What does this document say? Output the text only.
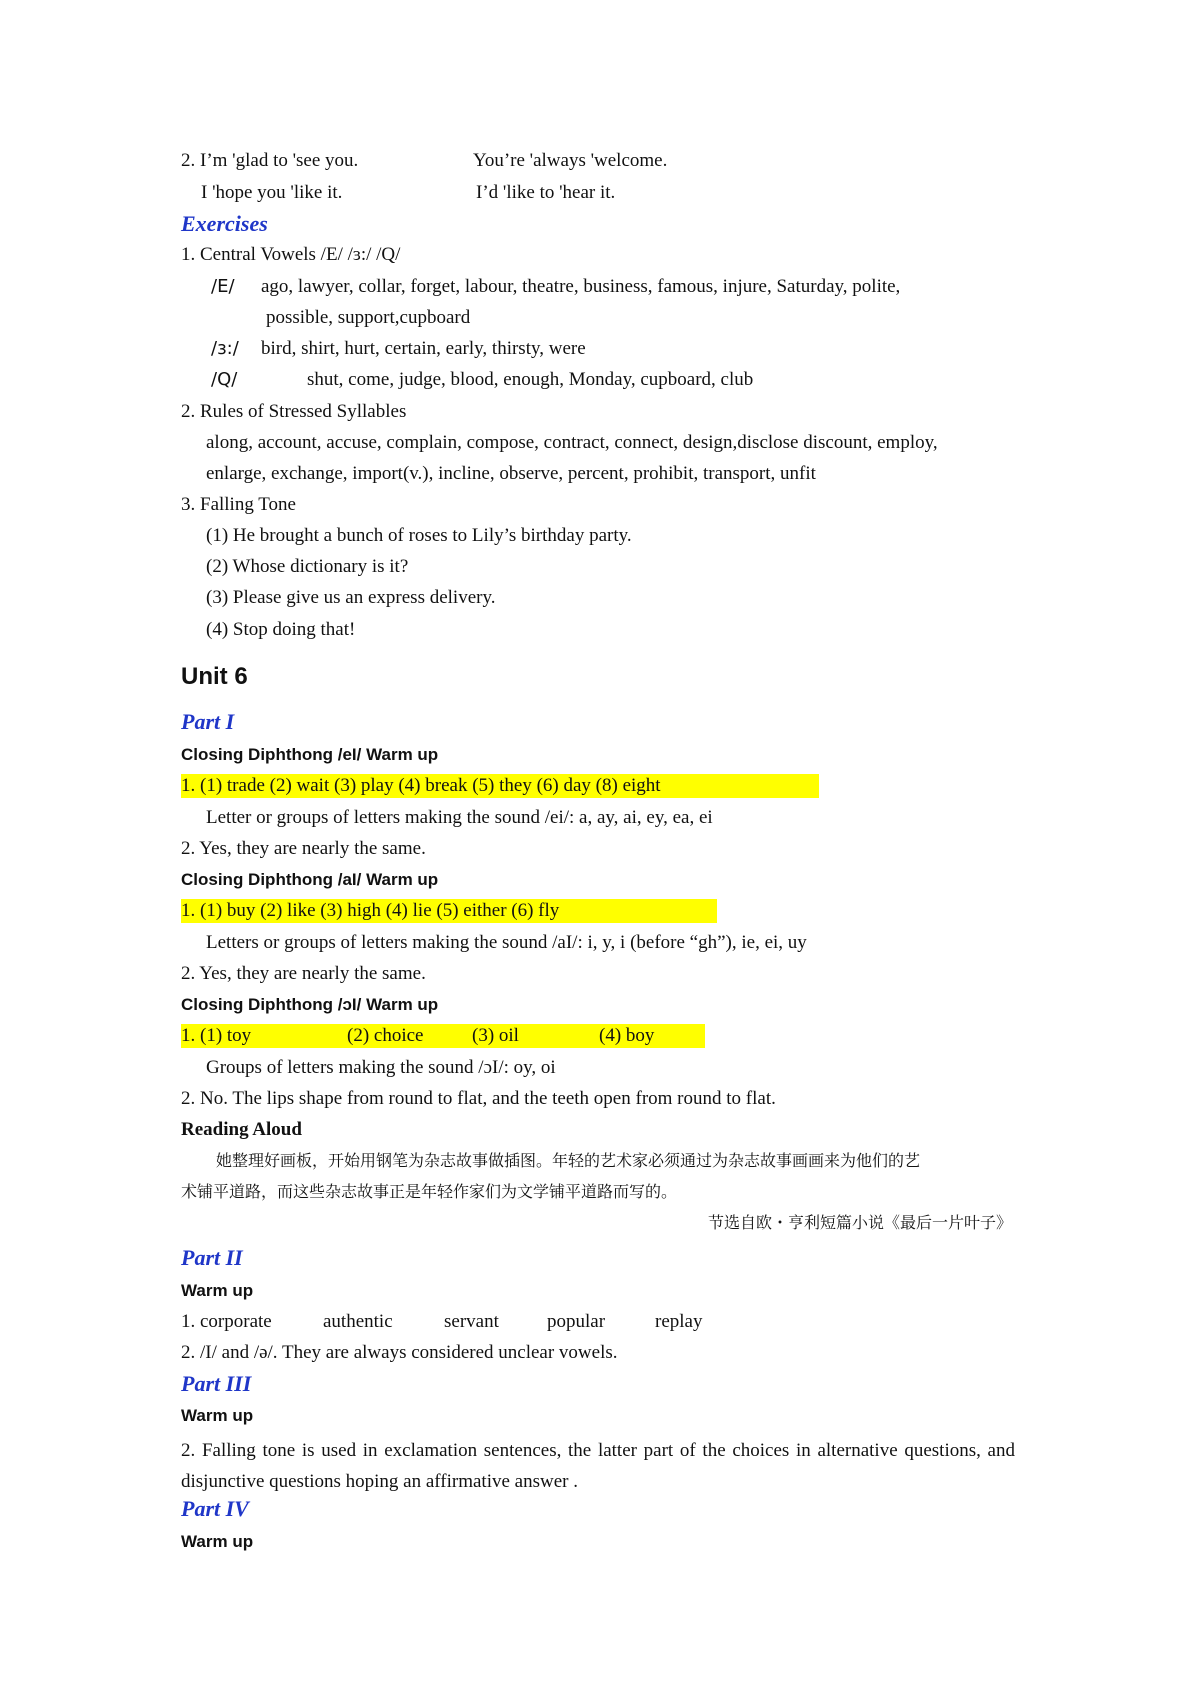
2. I’m 'glad to 'see you.	You’re 'always 'welcome.
I 'hope you 'like it.	I’d 'like to 'hear it.
Exercises
1. Central Vowels /E/ /ɜ:/ /Q/
/E/ ago, lawyer, collar, forget, labour, theatre, business, famous, injure, Saturday, polite,
possible, support,cupboard
/ɜ:/ bird, shirt, hurt, certain, early, thirsty, were
/Q/	shut, come, judge, blood, enough, Monday, cupboard, club
2. Rules of Stressed Syllables
along, account, accuse, complain, compose, contract, connect, design,disclose discount, employ,
enlarge, exchange, import(v.), incline, observe, percent, prohibit, transport, unfit
3. Falling Tone
(1) He brought a bunch of roses to Lily’s birthday party.
(2) Whose dictionary is it?
(3) Please give us an express delivery.
(4) Stop doing that!
Unit 6
Part I
Closing Diphthong /eI/ Warm up
1. (1) trade (2) wait (3) play (4) break (5) they (6) day (8) eight
Letter or groups of letters making the sound /ei/: a, ay, ai, ey, ea, ei
2. Yes, they are nearly the same.
Closing Diphthong /aI/ Warm up
1. (1) buy (2) like (3) high (4) lie (5) either (6) fly
Letters or groups of letters making the sound /aI/: i, y, i (before “gh”), ie, ei, uy
2. Yes, they are nearly the same.
Closing Diphthong /ɔI/ Warm up
1. (1) toy	(2) choice	(3) oil	(4) boy
Groups of letters making the sound /ɔI/: oy, oi
2. No. The lips shape from round to flat, and the teeth open from round to flat.
Reading Aloud
她整理好画板，开始用钢笔为杂志故事做插图。年轻的艺术家必须通过为杂志故事画画来为他们的艺
术铺平道路，而这些杂志故事正是年轻作家们为文学铺平道路而写的。
节选自欧・亨利短篇小说《最后一片叶子》
Part II
Warm up
1. corporate	authentic	servant	popular	replay
2. /I/ and /ə/. They are always considered unclear vowels.
Part III
Warm up
2. Falling tone is used in exclamation sentences, the latter part of the choices in alternative questions, and disjunctive questions hoping an affirmative answer .
Part IV
Warm up
